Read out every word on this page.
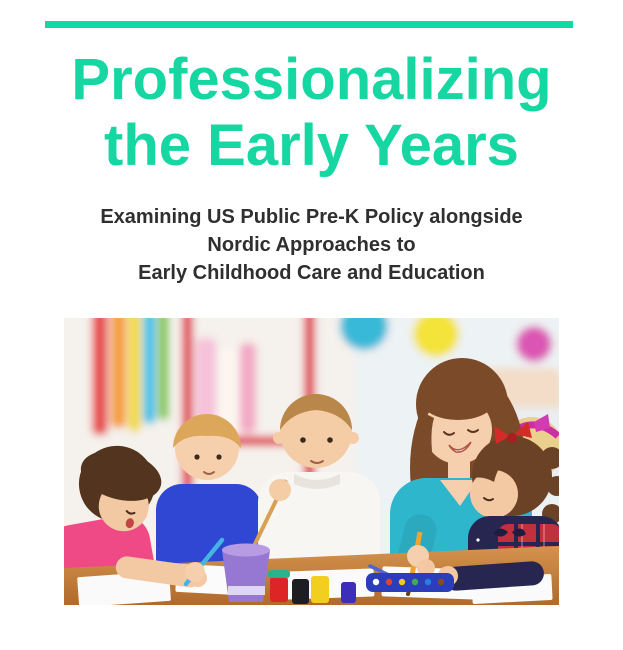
Professionalizing
the Early Years
Examining US Public Pre-K Policy alongside
Nordic Approaches to
Early Childhood Care and Education
